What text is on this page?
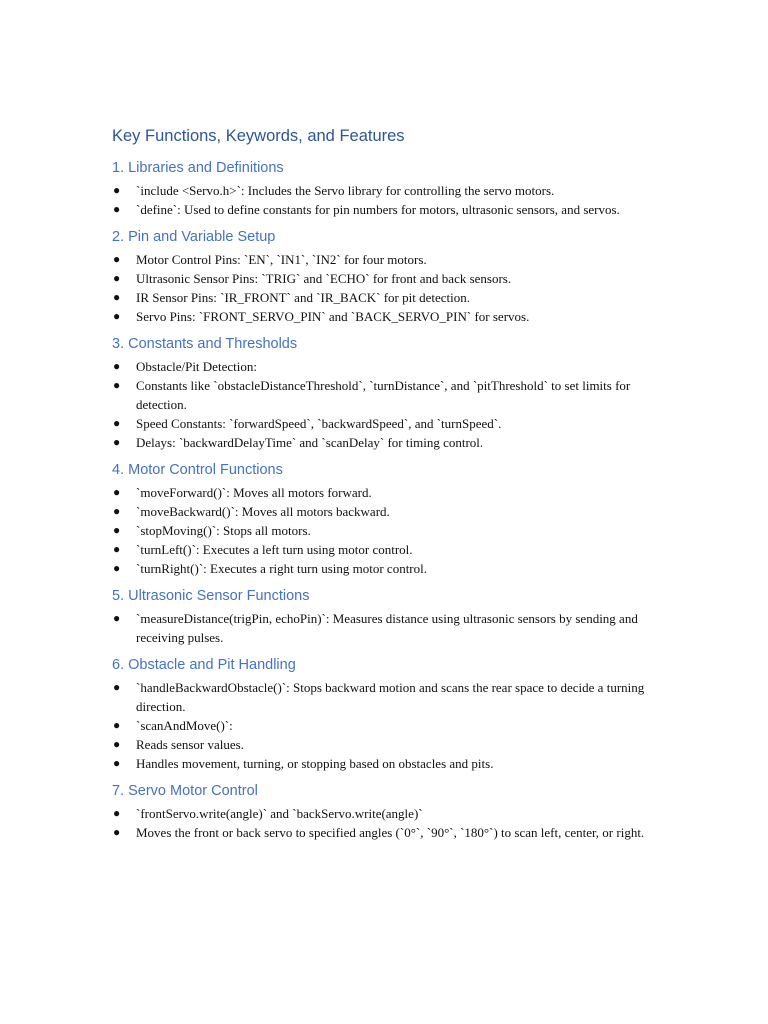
Key Functions, Keywords, and Features
1. Libraries and Definitions
● `include <Servo.h>`: Includes the Servo library for controlling the servo motors.
● `define`: Used to define constants for pin numbers for motors, ultrasonic sensors, and servos.
2. Pin and Variable Setup
● Motor Control Pins: `EN`, `IN1`, `IN2` for four motors.
● Ultrasonic Sensor Pins: `TRIG` and `ECHO` for front and back sensors.
● IR Sensor Pins: `IR_FRONT` and `IR_BACK` for pit detection.
● Servo Pins: `FRONT_SERVO_PIN` and `BACK_SERVO_PIN` for servos.
3. Constants and Thresholds
● Obstacle/Pit Detection:
● Constants like `obstacleDistanceThreshold`, `turnDistance`, and `pitThreshold` to set limits for detection.
● Speed Constants: `forwardSpeed`, `backwardSpeed`, and `turnSpeed`.
● Delays: `backwardDelayTime` and `scanDelay` for timing control.
4. Motor Control Functions
● `moveForward()`: Moves all motors forward.
● `moveBackward()`: Moves all motors backward.
● `stopMoving()`: Stops all motors.
● `turnLeft()`: Executes a left turn using motor control.
● `turnRight()`: Executes a right turn using motor control.
5. Ultrasonic Sensor Functions
● `measureDistance(trigPin, echoPin)`: Measures distance using ultrasonic sensors by sending and receiving pulses.
6. Obstacle and Pit Handling
● `handleBackwardObstacle()`: Stops backward motion and scans the rear space to decide a turning direction.
● `scanAndMove()`:
● Reads sensor values.
● Handles movement, turning, or stopping based on obstacles and pits.
7. Servo Motor Control
● `frontServo.write(angle)` and `backServo.write(angle)`
● Moves the front or back servo to specified angles (`0°`, `90°`, `180°`) to scan left, center, or right.
